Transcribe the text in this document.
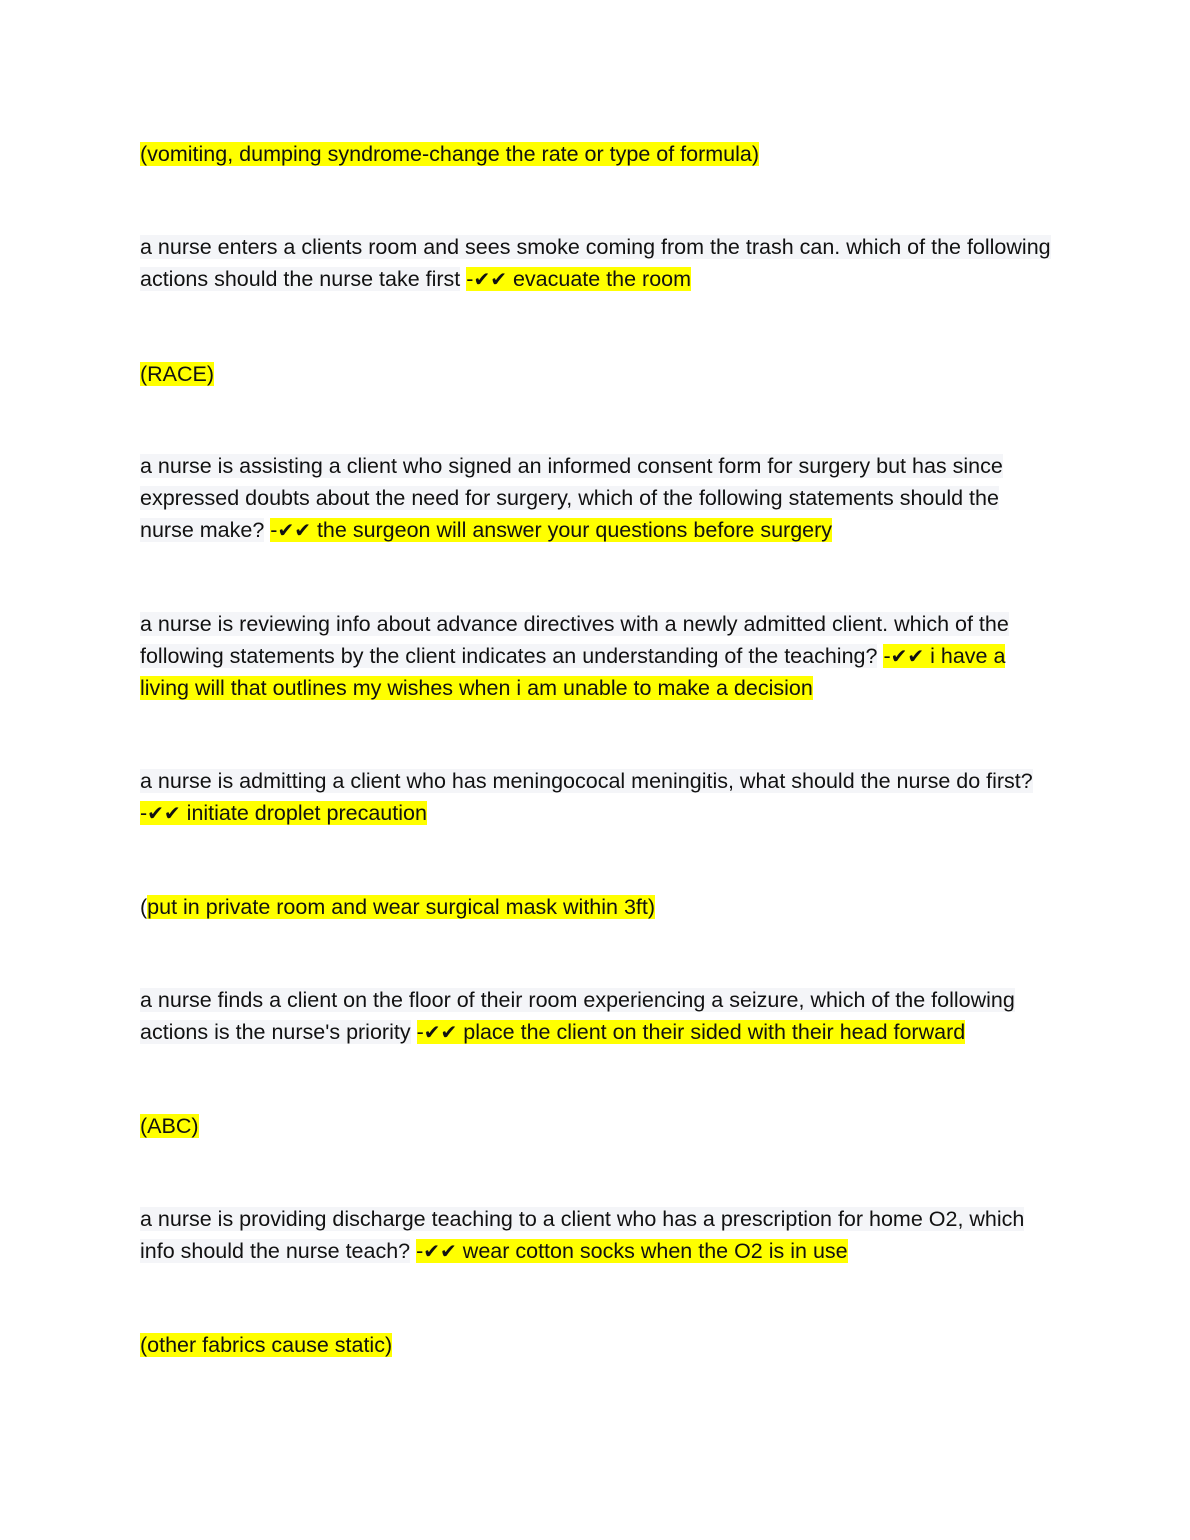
(vomiting, dumping syndrome-change the rate or type of formula)

a nurse enters a clients room and sees smoke coming from the trash can. which of the following actions should the nurse take first -✔✔ evacuate the room

(RACE)

a nurse is assisting a client who signed an informed consent form for surgery but has since expressed doubts about the need for surgery, which of the following statements should the nurse make? -✔✔ the surgeon will answer your questions before surgery

a nurse is reviewing info about advance directives with a newly admitted client. which of the following statements by the client indicates an understanding of the teaching? -✔✔ i have a living will that outlines my wishes when i am unable to make a decision

a nurse is admitting a client who has meningococal meningitis, what should the nurse do first? -✔✔ initiate droplet precaution

(put in private room and wear surgical mask within 3ft)

a nurse finds a client on the floor of their room experiencing a seizure, which of the following actions is the nurse's priority -✔✔ place the client on their sided with their head forward

(ABC)

a nurse is providing discharge teaching to a client who has a prescription for home O2, which info should the nurse teach? -✔✔ wear cotton socks when the O2 is in use

(other fabrics cause static)
